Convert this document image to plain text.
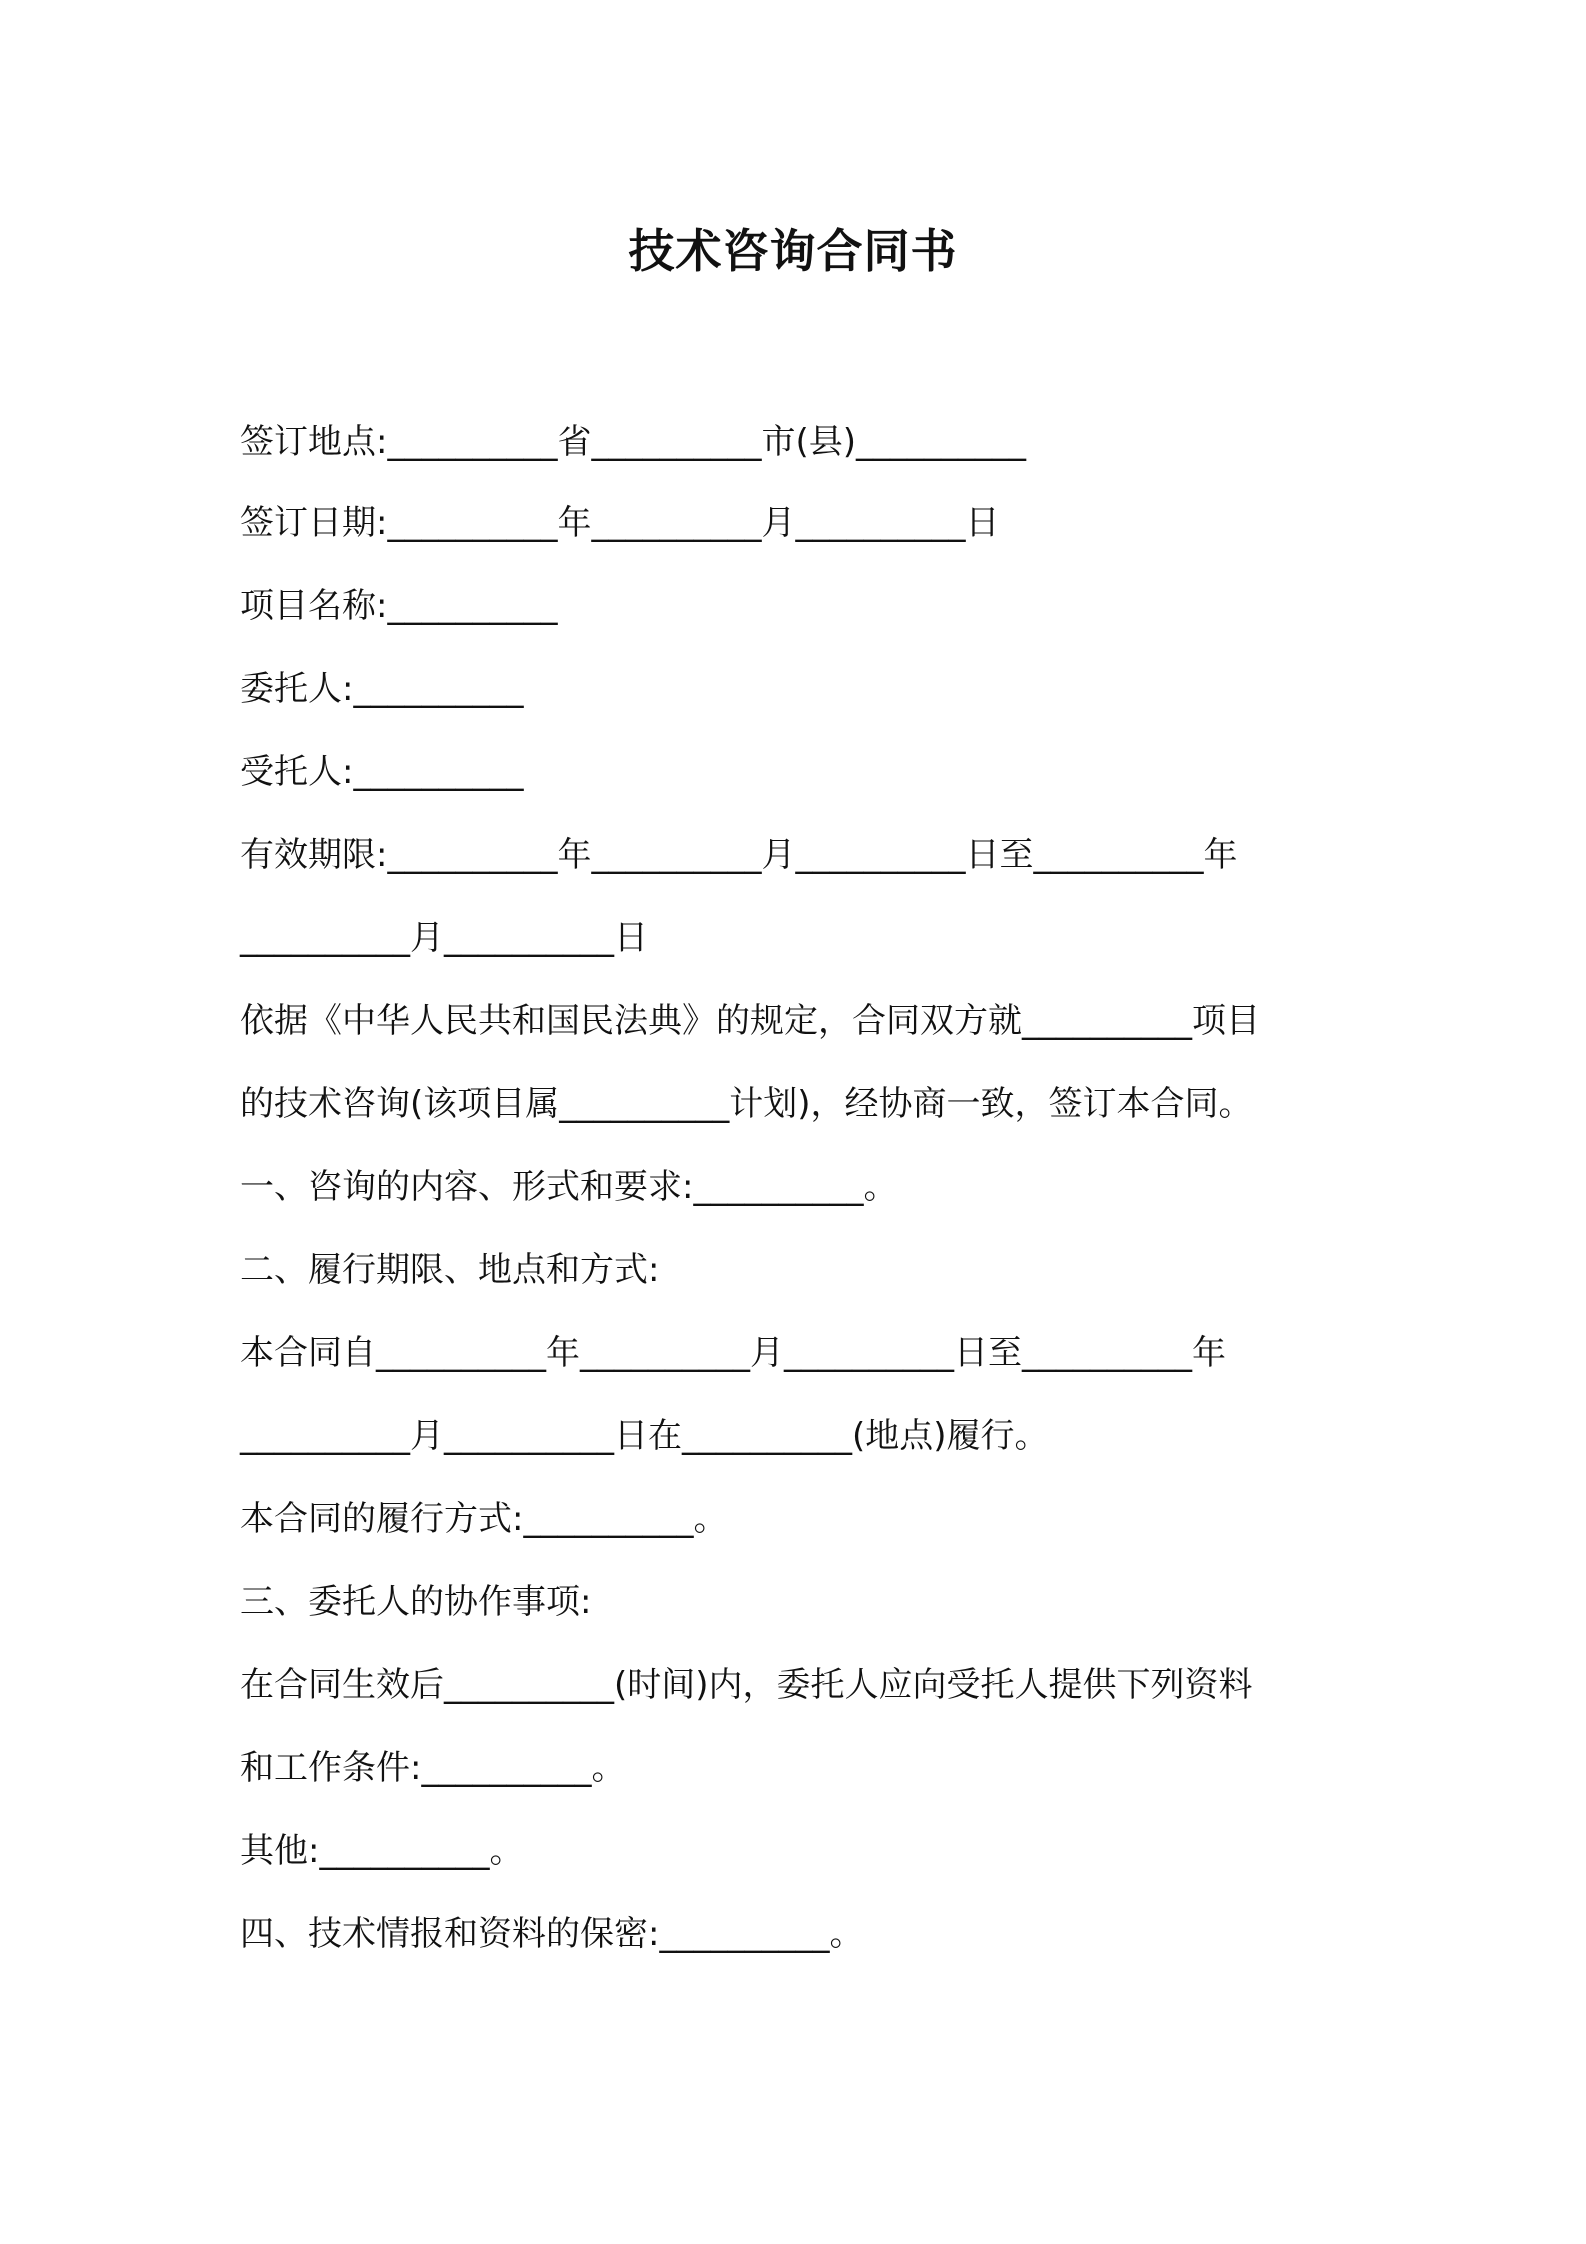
技术咨询合同书
签订地点:__________省__________市(县)__________
签订日期:__________年__________月__________日
项目名称:__________
委托人:__________
受托人:__________
有效期限:__________年__________月__________日至__________年
__________月__________日
依据《中华人民共和国民法典》的规定，合同双方就__________项目
的技术咨询(该项目属__________计划)，经协商一致，签订本合同。
一、咨询的内容、形式和要求:__________。
二、履行期限、地点和方式:
本合同自__________年__________月__________日至__________年
__________月__________日在__________(地点)履行。
本合同的履行方式:__________。
三、委托人的协作事项:
在合同生效后__________(时间)内，委托人应向受托人提供下列资料
和工作条件:__________。
其他:__________。
四、技术情报和资料的保密:__________。
